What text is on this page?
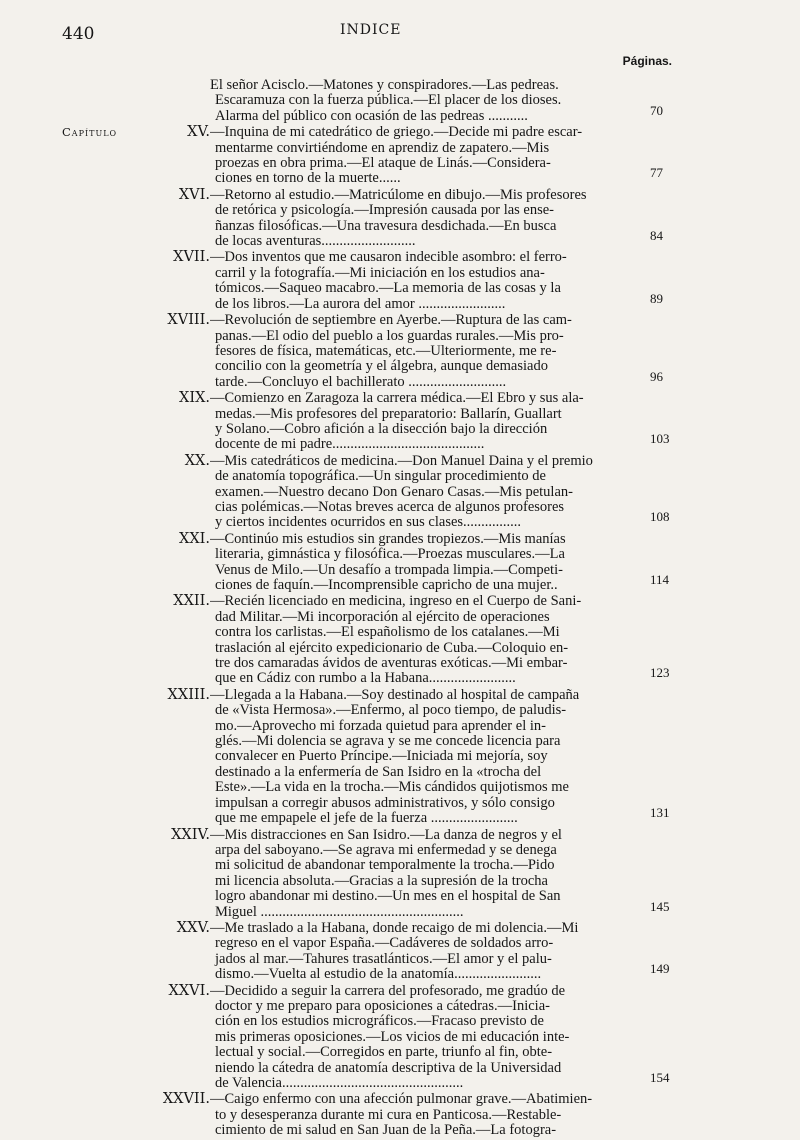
440	INDICE
Páginas.
El señor Acisclo.—Matones y conspiradores.—Las pedreas.
Escaramuza con la fuerza pública.—El placer de los dioses.
Alarma del público con ocasión de las pedreas ...........	70
Capítulo	XV. —Inquina de mi catedrático de griego.—Decide mi padre escar-
mentarme convirtiéndome en aprendiz de zapatero.—Mis
proezas en obra prima.—El ataque de Linás.—Considera-
ciones en torno de la muerte......	77
XVI. —Retorno al estudio.—Matricúlome en dibujo.—Mis profesores
de retórica y psicología.—Impresión causada por las ense-
ñanzas filosóficas.—Una travesura desdichada.—En busca
de locas aventuras..........................	84
XVII. —Dos inventos que me causaron indecible asombro: el ferro-
carril y la fotografía.—Mi iniciación en los estudios ana-
tómicos.—Saqueo macabro.—La memoria de las cosas y la
de los libros.—La aurora del amor ........................	89
XVIII. —Revolución de septiembre en Ayerbe.—Ruptura de las cam-
panas.—El odio del pueblo a los guardas rurales.—Mis pro-
fesores de física, matemáticas, etc.—Ulteriormente, me re-
concilio con la geometría y el álgebra, aunque demasiado
tarde.—Concluyo el bachillerato ...........................	96
XIX. —Comienzo en Zaragoza la carrera médica.—El Ebro y sus ala-
medas.—Mis profesores del preparatorio: Ballarín, Guallart
y Solano.—Cobro afición a la disección bajo la dirección
docente de mi padre..........................................	103
XX. —Mis catedráticos de medicina.—Don Manuel Daina y el premio
de anatomía topográfica.—Un singular procedimiento de
examen.—Nuestro decano Don Genaro Casas.—Mis petulan-
cias polémicas.—Notas breves acerca de algunos profesores
y ciertos incidentes ocurridos en sus clases................	108
XXI. —Continúo mis estudios sin grandes tropiezos.—Mis manías
literaria, gimnástica y filosófica.—Proezas musculares.—La
Venus de Milo.—Un desafío a trompada limpia.—Competi-
ciones de faquín.—Incomprensible capricho de una mujer..	114
XXII. —Recién licenciado en medicina, ingreso en el Cuerpo de Sani-
dad Militar.—Mi incorporación al ejército de operaciones
contra los carlistas.—El españolismo de los catalanes.—Mi
traslación al ejército expedicionario de Cuba.—Coloquio en-
tre dos camaradas ávidos de aventuras exóticas.—Mi embar-
que en Cádiz con rumbo a la Habana........................	123
XXIII. —Llegada a la Habana.—Soy destinado al hospital de campaña
de «Vista Hermosa».—Enfermo, al poco tiempo, de paludis-
mo.—Aprovecho mi forzada quietud para aprender el in-
glés.—Mi dolencia se agrava y se me concede licencia para
convalecer en Puerto Príncipe.—Iniciada mi mejoría, soy
destinado a la enfermería de San Isidro en la «trocha del
Este».—La vida en la trocha.—Mis cándidos quijotismos me
impulsan a corregir abusos administrativos, y sólo consigo
que me empapele el jefe de la fuerza ........................	131
XXIV. —Mis distracciones en San Isidro.—La danza de negros y el
arpa del saboyano.—Se agrava mi enfermedad y se denega
mi solicitud de abandonar temporalmente la trocha.—Pido
mi licencia absoluta.—Gracias a la supresión de la trocha
logro abandonar mi destino.—Un mes en el hospital de San
Miguel ........................................................	145
XXV. —Me traslado a la Habana, donde recaigo de mi dolencia.—Mi
regreso en el vapor España.—Cadáveres de soldados arro-
jados al mar.—Tahures trasatlánticos.—El amor y el palu-
dismo.—Vuelta al estudio de la anatomía........................	149
XXVI. —Decidido a seguir la carrera del profesorado, me gradúo de
doctor y me preparo para oposiciones a cátedras.—Inicia-
ción en los estudios micrográficos.—Fracaso previsto de
mis primeras oposiciones.—Los vicios de mi educación inte-
lectual y social.—Corregidos en parte, triunfo al fin, obte-
niendo la cátedra de anatomía descriptiva de la Universidad
de Valencia..................................................	154
XXVII. —Caigo enfermo con una afección pulmonar grave.—Abatimien-
to y desesperanza durante mi cura en Panticosa.—Restable-
cimiento de mi salud en San Juan de la Peña.—La fotogra-
